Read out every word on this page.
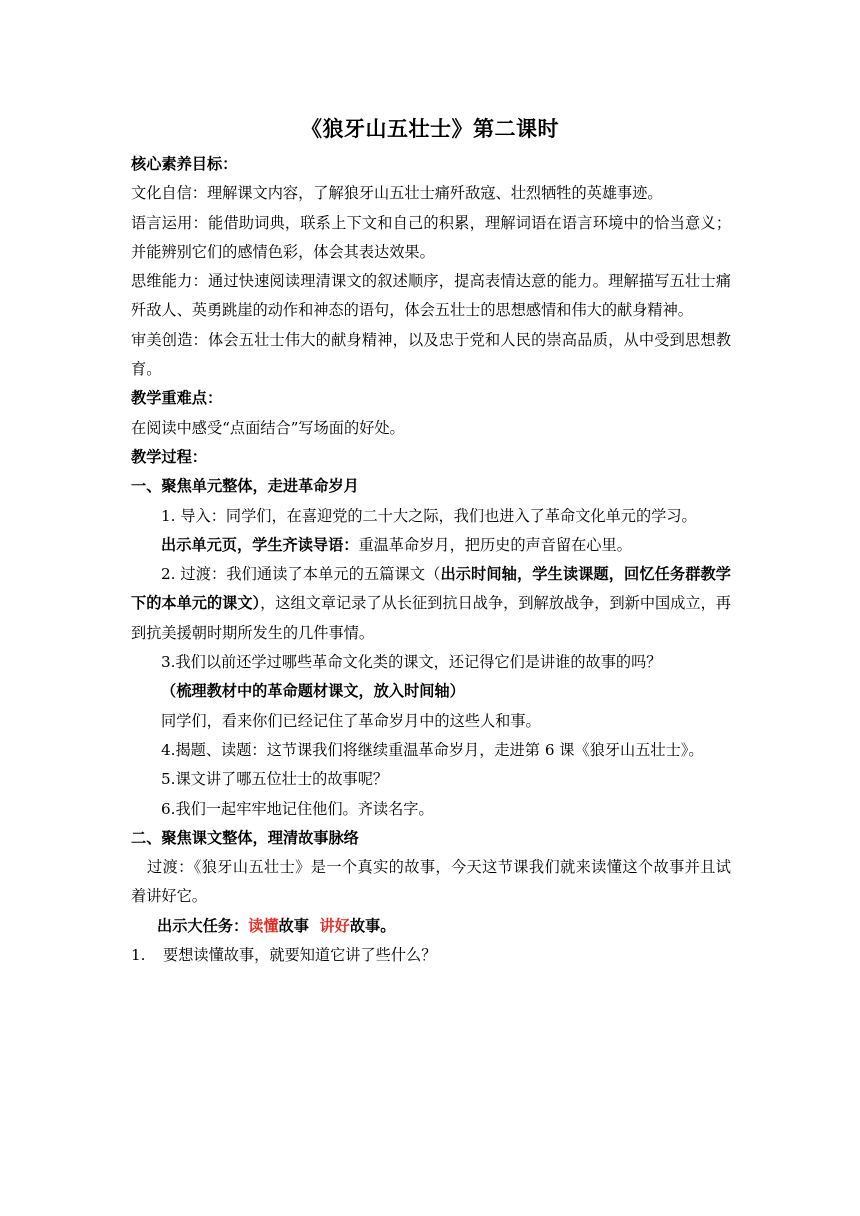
《狼牙山五壮士》第二课时

核心素养目标：

文化自信：理解课文内容，了解狼牙山五壮士痛歼敌寇、壮烈牺牲的英雄事迹。

语言运用：能借助词典，联系上下文和自己的积累，理解词语在语言环境中的恰当意义；并能辨别它们的感情色彩，体会其表达效果。

思维能力：通过快速阅读理清课文的叙述顺序，提高表情达意的能力。理解描写五壮士痛歼敌人、英勇跳崖的动作和神态的语句，体会五壮士的思想感情和伟大的献身精神。

审美创造：体会五壮士伟大的献身精神，以及忠于党和人民的崇高品质，从中受到思想教育。

教学重难点：

在阅读中感受“点面结合”写场面的好处。

教学过程：

一、聚焦单元整体，走进革命岁月

1. 导入：同学们，在喜迎党的二十大之际，我们也进入了革命文化单元的学习。

出示单元页，学生齐读导语：重温革命岁月，把历史的声音留在心里。

2. 过渡：我们通读了本单元的五篇课文（出示时间轴，学生读课题，回忆任务群教学下的本单元的课文），这组文章记录了从长征到抗日战争，到解放战争，到新中国成立，再到抗美援朝时期所发生的几件事情。

3.我们以前还学过哪些革命文化类的课文，还记得它们是讲谁的故事的吗？

（梳理教材中的革命题材课文，放入时间轴）

同学们，看来你们已经记住了革命岁月中的这些人和事。

4.揭题、读题：这节课我们将继续重温革命岁月，走进第 6 课《狼牙山五壮士》。

5.课文讲了哪五位壮士的故事呢？

6.我们一起牢牢地记住他们。齐读名字。

二、聚焦课文整体，理清故事脉络

过渡：《狼牙山五壮士》是一个真实的故事，今天这节课我们就来读懂这个故事并且试着讲好它。

出示大任务：读懂故事 讲好故事。

1. 要想读懂故事，就要知道它讲了些什么？
